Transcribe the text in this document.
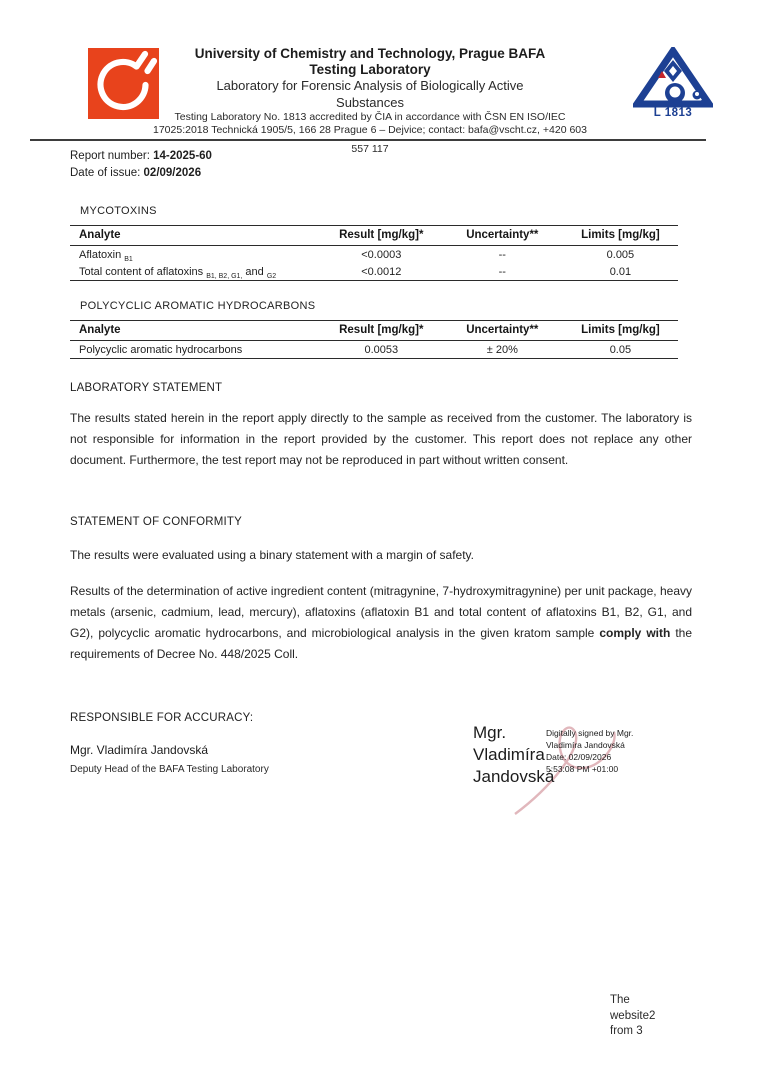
University of Chemistry and Technology, Prague BAFA
Testing Laboratory
Laboratory for Forensic Analysis of Biologically Active
Substances
Testing Laboratory No. 1813 accredited by ČIA in accordance with ČSN EN ISO/IEC
17025:2018 Technická 1905/5, 166 28 Prague 6 – Dejvice; contact: bafa@vscht.cz, +420 603
L 1813
557 117
Report number: 14-2025-60
Date of issue: 02/09/2026
MYCOTOXINS
Analyte	Result [mg/kg]*	Uncertainty**	Limits [mg/kg]
Aflatoxin $_{B1}$	<0.0003	--	0.005
Total content of aflatoxins $_{B1, B2, G1,}$ and $_{G2}$	<0.0012	--	0.01
POLYCYCLIC AROMATIC HYDROCARBONS
Analyte	Result [mg/kg]*	Uncertainty**	Limits [mg/kg]
Polycyclic aromatic hydrocarbons	0.0053	± 20%	0.05
LABORATORY STATEMENT

The results stated herein in the report apply directly to the sample as received from the customer. The laboratory is not responsible for information in the report provided by the customer. This report does not replace any other document. Furthermore, the test report may not be reproduced in part without written consent.

STATEMENT OF CONFORMITY

The results were evaluated using a binary statement with a margin of safety.

Results of the determination of active ingredient content (mitragynine, 7-hydroxymitragynine) per unit package, heavy metals (arsenic, cadmium, lead, mercury), aflatoxins (aflatoxin B1 and total content of aflatoxins B1, B2, G1, and G2), polycyclic aromatic hydrocarbons, and microbiological analysis in the given kratom sample comply with the requirements of Decree No. 448/2025 Coll.

RESPONSIBLE FOR ACCURACY:
Mgr. Vladimíra Jandovská
Deputy Head of the BAFA Testing Laboratory
Mgr.
Vladimíra
Jandovská
Digitally signed by Mgr.
Vladimíra Jandovská
Date: 02/09/2026
5:53:08 PM +01:00
The
website2
from 3
